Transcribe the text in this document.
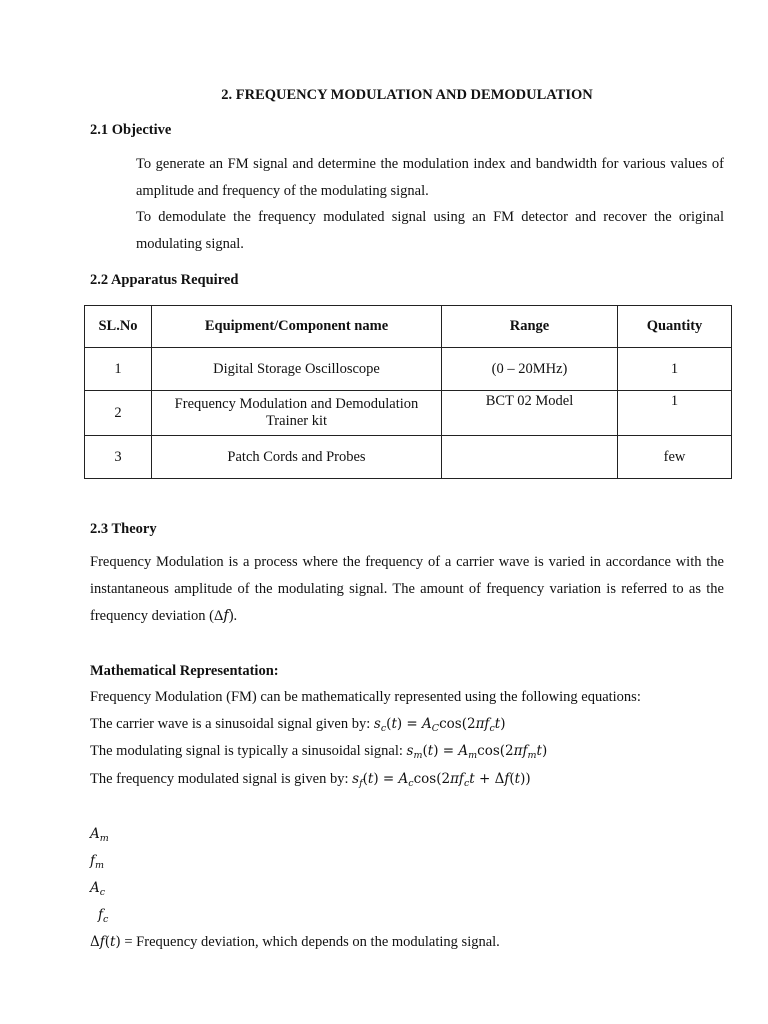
2. FREQUENCY MODULATION AND DEMODULATION
2.1 Objective

To generate an FM signal and determine the modulation index and bandwidth for various values of amplitude and frequency of the modulating signal.

To demodulate the frequency modulated signal using an FM detector and recover the original modulating signal.

2.2 Apparatus Required
SL.No	Equipment/Component name	Range	Quantity
1	Digital Storage Oscilloscope	(0 – 20MHz)	1
2	Frequency Modulation and Demodulation Trainer kit	BCT 02 Model	1
3	Patch Cords and Probes		few
2.3 Theory

Frequency Modulation is a process where the frequency of a carrier wave is varied in accordance with the instantaneous amplitude of the modulating signal. The amount of frequency variation is referred to as the frequency deviation (Δ𝑓).

Mathematical Representation:
Frequency Modulation (FM) can be mathematically represented using the following equations:
The carrier wave is a sinusoidal signal given by: $s_c(t) = A_C\cos(2\pi f_ct)$
The modulating signal is typically a sinusoidal signal: $s_m(t) = A_m\cos(2\pi f_mt)$
The frequency modulated signal is given by: $s_f(t) = A_c\cos(2\pi f_ct + \Delta f(t))$
$A_m$
$f_m$
$A_c$
$f_c$
Δf(t) = Frequency deviation, which depends on the modulating signal.
